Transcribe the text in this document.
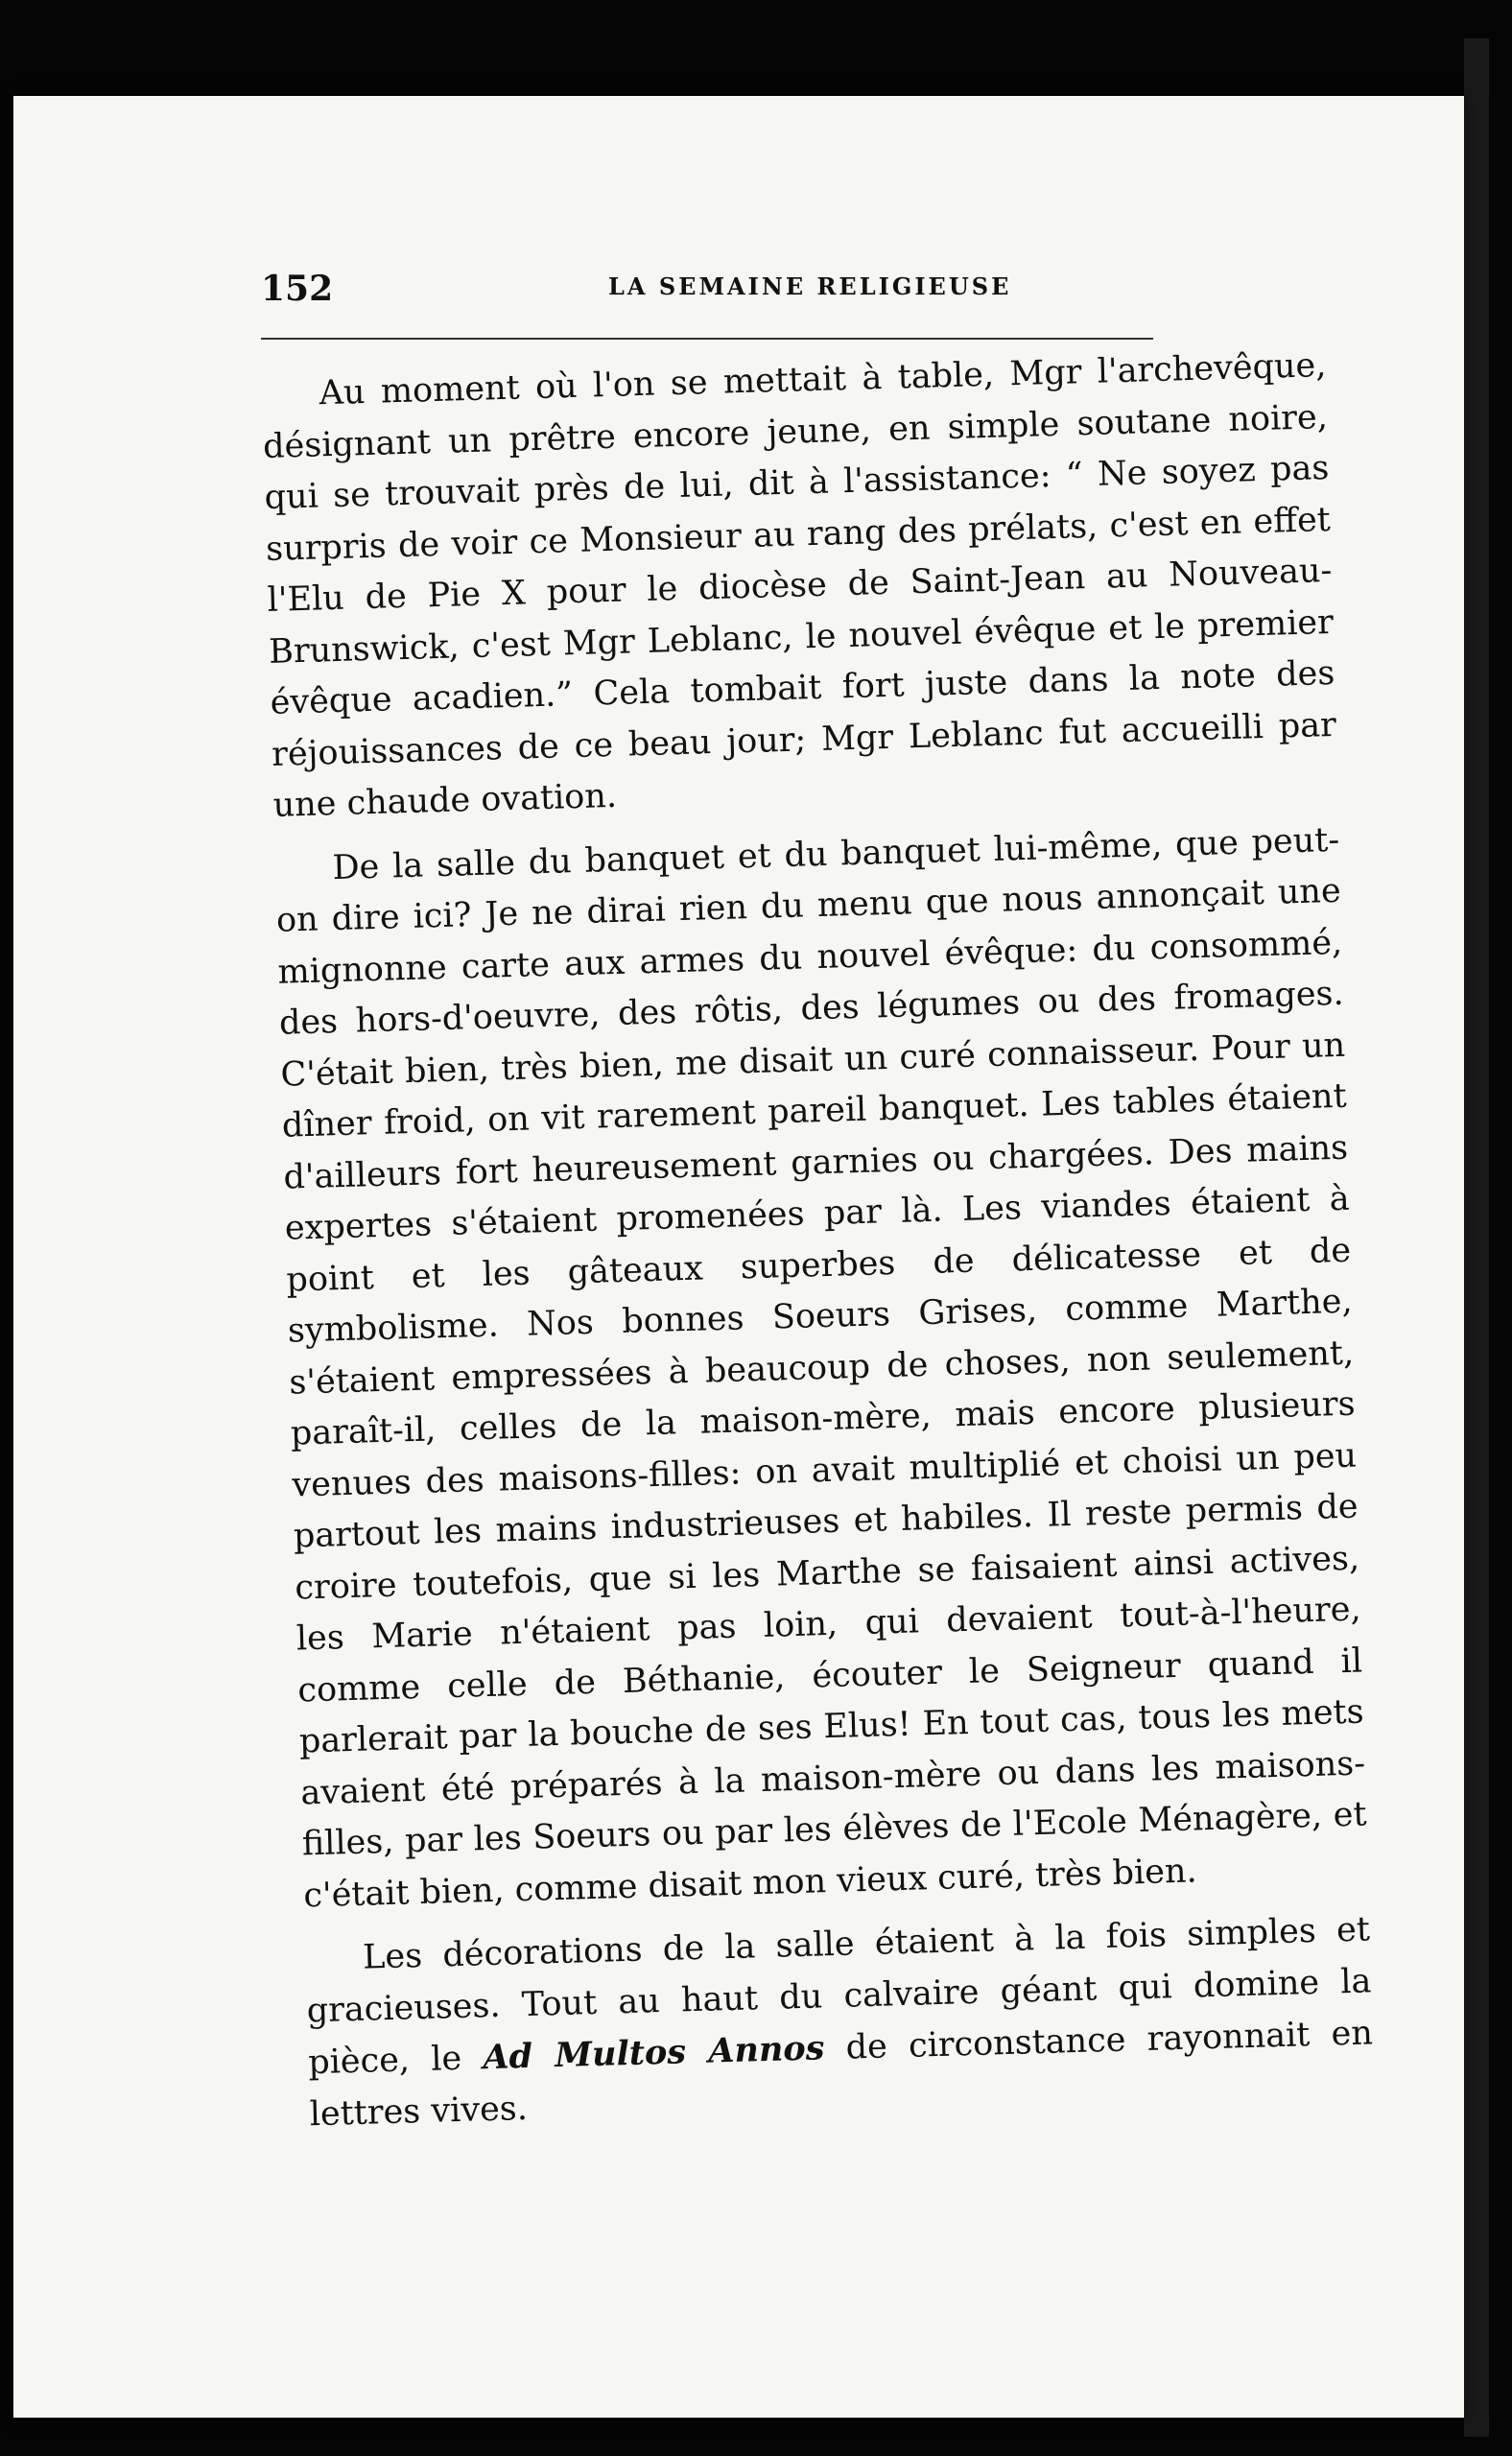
152	LA SEMAINE RELIGIEUSE

Au moment où l'on se mettait à table, Mgr l'archevêque, désignant un prêtre encore jeune, en simple soutane noire, qui se trouvait près de lui, dit à l'assistance: “ Ne soyez pas surpris de voir ce Monsieur au rang des prélats, c'est en effet l'Elu de Pie X pour le diocèse de Saint-Jean au Nouveau-Brunswick, c'est Mgr Leblanc, le nouvel évêque et le premier évêque acadien.” Cela tombait fort juste dans la note des réjouissances de ce beau jour; Mgr Leblanc fut accueilli par une chaude ovation.

De la salle du banquet et du banquet lui-même, que peut-on dire ici? Je ne dirai rien du menu que nous annonçait une mignonne carte aux armes du nouvel évêque: du consommé, des hors-d'oeuvre, des rôtis, des légumes ou des fromages. C'était bien, très bien, me disait un curé connaisseur. Pour un dîner froid, on vit rarement pareil banquet. Les tables étaient d'ailleurs fort heureusement garnies ou chargées. Des mains expertes s'étaient promenées par là. Les viandes étaient à point et les gâteaux superbes de délicatesse et de symbolisme. Nos bonnes Soeurs Grises, comme Marthe, s'étaient empressées à beaucoup de choses, non seulement, paraît-il, celles de la maison-mère, mais encore plusieurs venues des maisons-filles: on avait multiplié et choisi un peu partout les mains industrieuses et habiles. Il reste permis de croire toutefois, que si les Marthe se faisaient ainsi actives, les Marie n'étaient pas loin, qui devaient tout-à-l'heure, comme celle de Béthanie, écouter le Seigneur quand il parlerait par la bouche de ses Elus! En tout cas, tous les mets avaient été préparés à la maison-mère ou dans les maisons-filles, par les Soeurs ou par les élèves de l'Ecole Ménagère, et c'était bien, comme disait mon vieux curé, très bien.

Les décorations de la salle étaient à la fois simples et gracieuses. Tout au haut du calvaire géant qui domine la pièce, le Ad Multos Annos de circonstance rayonnait en lettres vives.
